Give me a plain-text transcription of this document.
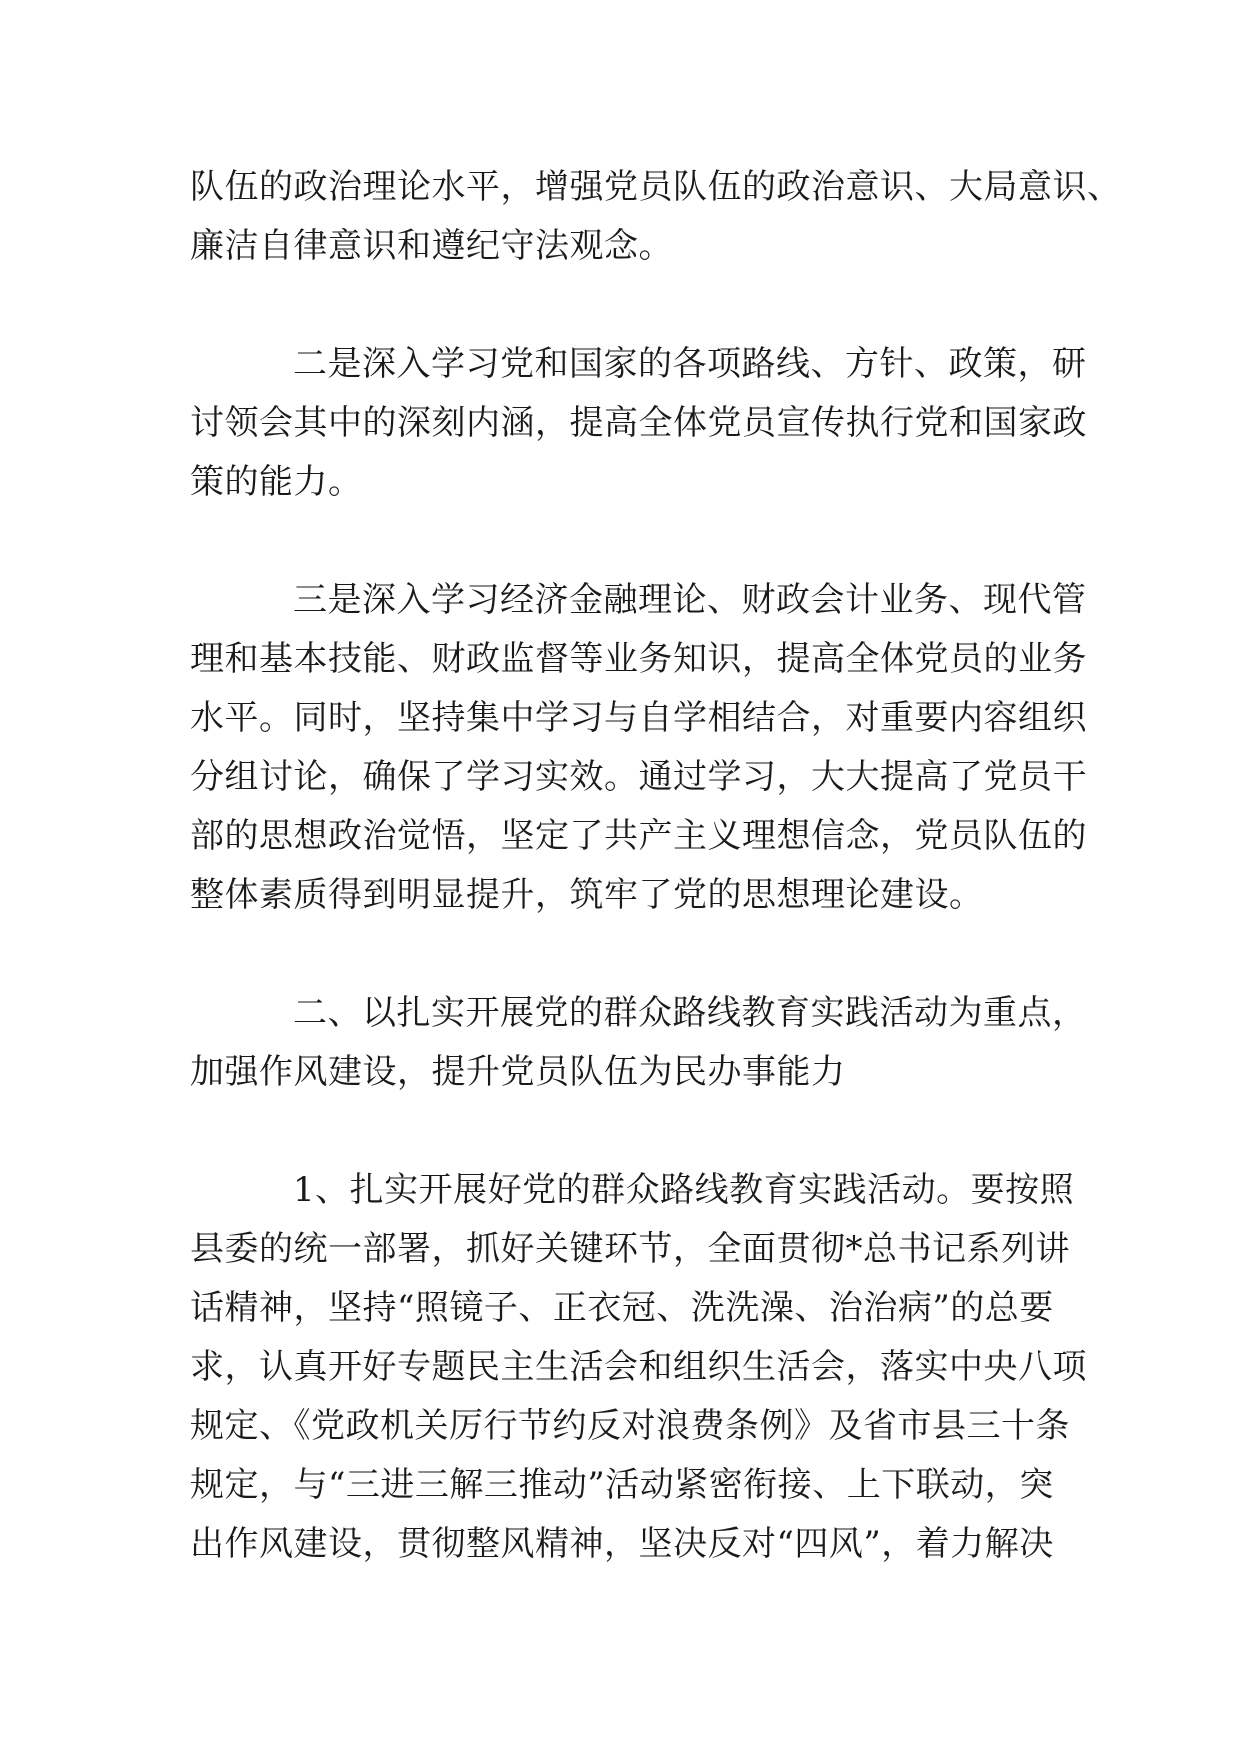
队伍的政治理论水平，增强党员队伍的政治意识、大局意识、
廉洁自律意识和遵纪守法观念。
二是深入学习党和国家的各项路线、方针、政策，研
讨领会其中的深刻内涵，提高全体党员宣传执行党和国家政
策的能力。
三是深入学习经济金融理论、财政会计业务、现代管
理和基本技能、财政监督等业务知识，提高全体党员的业务
水平。同时，坚持集中学习与自学相结合，对重要内容组织
分组讨论，确保了学习实效。通过学习，大大提高了党员干
部的思想政治觉悟，坚定了共产主义理想信念，党员队伍的
整体素质得到明显提升，筑牢了党的思想理论建设。
二、以扎实开展党的群众路线教育实践活动为重点，
加强作风建设，提升党员队伍为民办事能力
1、扎实开展好党的群众路线教育实践活动。要按照
县委的统一部署，抓好关键环节，全面贯彻*总书记系列讲
话精神，坚持“照镜子、正衣冠、洗洗澡、治治病”的总要
求，认真开好专题民主生活会和组织生活会，落实中央八项
规定、《党政机关厉行节约反对浪费条例》及省市县三十条
规定，与“三进三解三推动”活动紧密衔接、上下联动，突
出作风建设，贯彻整风精神，坚决反对“四风”，着力解决
